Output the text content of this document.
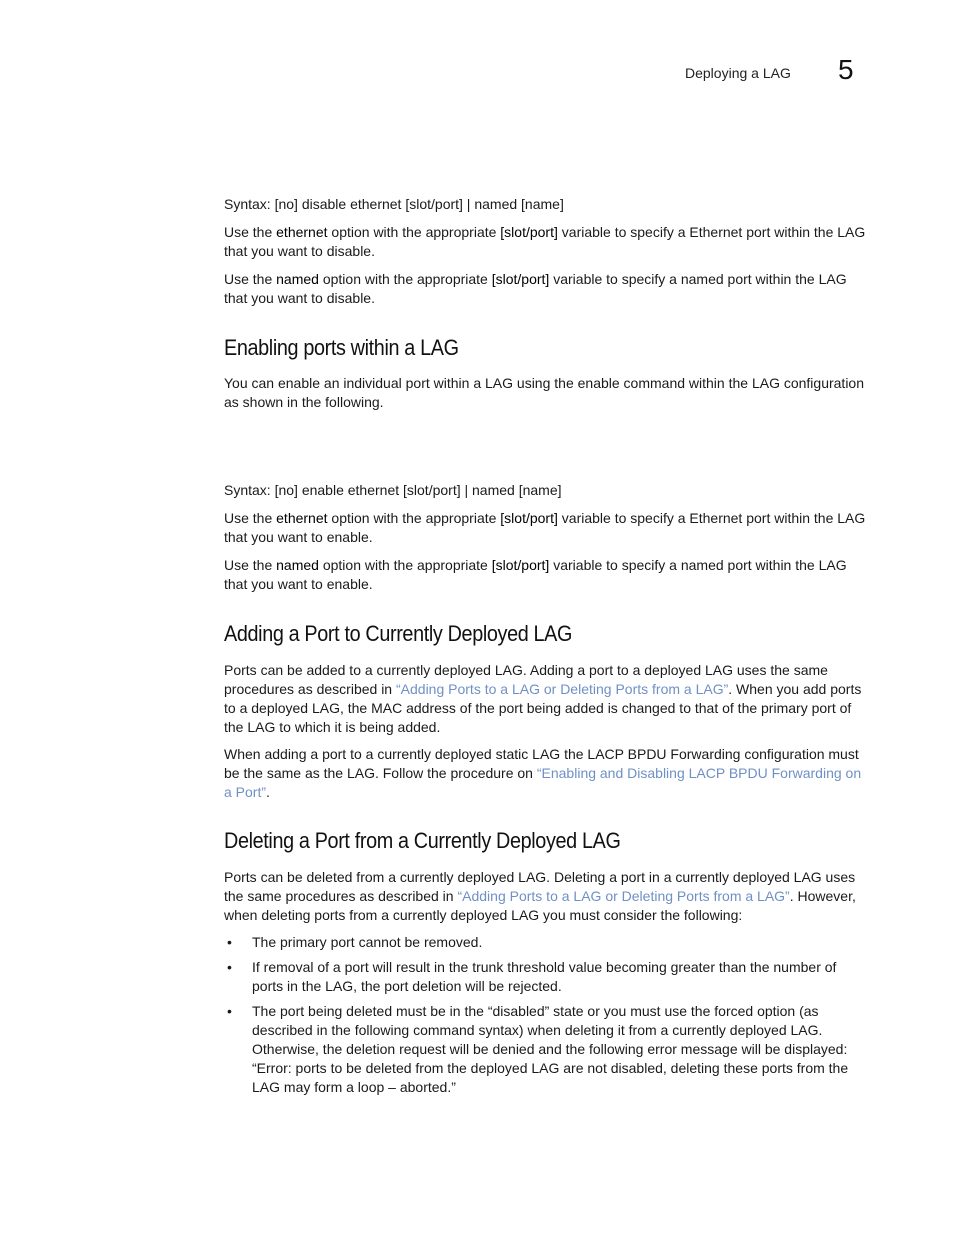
Deploying a LAG 5
Syntax: [no] disable ethernet [slot/port] | named [name]

Use the ethernet option with the appropriate [slot/port] variable to specify a Ethernet port within the LAG that you want to disable.

Use the named option with the appropriate [slot/port] variable to specify a named port within the LAG that you want to disable.

Enabling ports within a LAG

You can enable an individual port within a LAG using the enable command within the LAG configuration as shown in the following.

Syntax: [no] enable ethernet [slot/port] | named [name]

Use the ethernet option with the appropriate [slot/port] variable to specify a Ethernet port within the LAG that you want to enable.

Use the named option with the appropriate [slot/port] variable to specify a named port within the LAG that you want to enable.

Adding a Port to Currently Deployed LAG

Ports can be added to a currently deployed LAG. Adding a port to a deployed LAG uses the same procedures as described in “Adding Ports to a LAG or Deleting Ports from a LAG”. When you add ports to a deployed LAG, the MAC address of the port being added is changed to that of the primary port of the LAG to which it is being added.

When adding a port to a currently deployed static LAG the LACP BPDU Forwarding configuration must be the same as the LAG. Follow the procedure on “Enabling and Disabling LACP BPDU Forwarding on a Port”.

Deleting a Port from a Currently Deployed LAG

Ports can be deleted from a currently deployed LAG. Deleting a port in a currently deployed LAG uses the same procedures as described in “Adding Ports to a LAG or Deleting Ports from a LAG”. However, when deleting ports from a currently deployed LAG you must consider the following:

• The primary port cannot be removed.
• If removal of a port will result in the trunk threshold value becoming greater than the number of ports in the LAG, the port deletion will be rejected.
• The port being deleted must be in the “disabled” state or you must use the forced option (as described in the following command syntax) when deleting it from a currently deployed LAG. Otherwise, the deletion request will be denied and the following error message will be displayed: “Error: ports to be deleted from the deployed LAG are not disabled, deleting these ports from the LAG may form a loop – aborted.”
